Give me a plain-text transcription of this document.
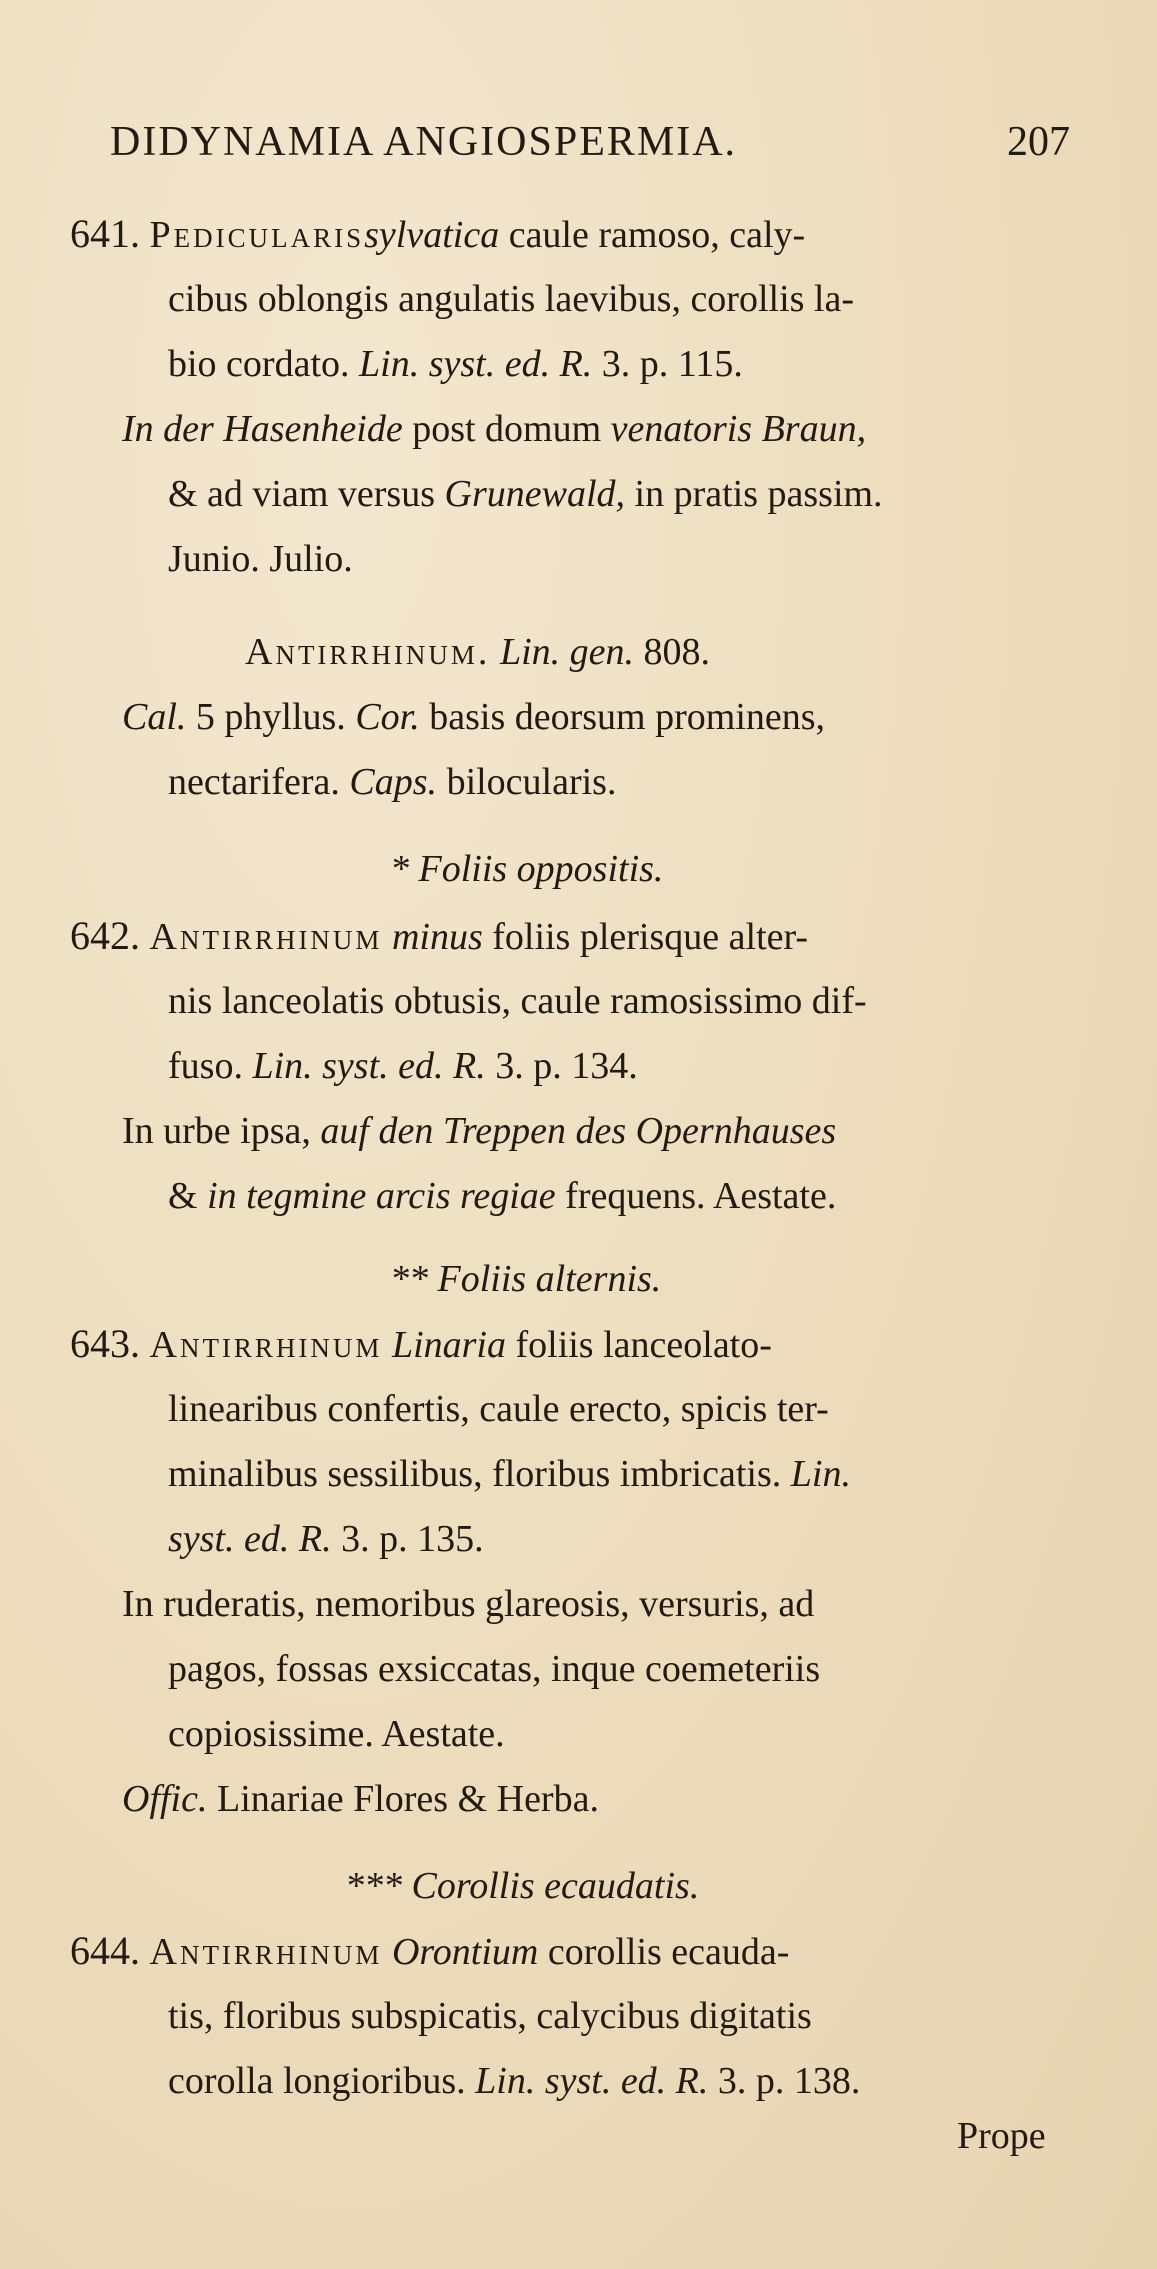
DIDYNAMIA ANGIOSPERMIA.	207
641. Pedicularissylvatica caule ramoso, caly-
cibus oblongis angulatis laevibus, corollis la-
bio cordato. Lin. syst. ed. R. 3. p. 115.
In der Hasenheide post domum venatoris Braun,
& ad viam versus Grunewald, in pratis passim.
Junio. Julio.
Antirrhinum. Lin. gen. 808.
Cal. 5 phyllus. Cor. basis deorsum prominens,
nectarifera. Caps. bilocularis.
* Foliis oppositis.
642. Antirrhinum minus foliis plerisque alter-
nis lanceolatis obtusis, caule ramosissimo dif-
fuso. Lin. syst. ed. R. 3. p. 134.
In urbe ipsa, auf den Treppen des Opernhauses
& in tegmine arcis regiae frequens. Aestate.
** Foliis alternis.
643. Antirrhinum Linaria foliis lanceolato-
linearibus confertis, caule erecto, spicis ter-
minalibus sessilibus, floribus imbricatis. Lin.
syst. ed. R. 3. p. 135.
In ruderatis, nemoribus glareosis, versuris, ad
pagos, fossas exsiccatas, inque coemeteriis
copiosissime. Aestate.
Offic. Linariae Flores & Herba.
*** Corollis ecaudatis.
644. Antirrhinum Orontium corollis ecauda-
tis, floribus subspicatis, calycibus digitatis
corolla longioribus. Lin. syst. ed. R. 3. p. 138.
Prope
